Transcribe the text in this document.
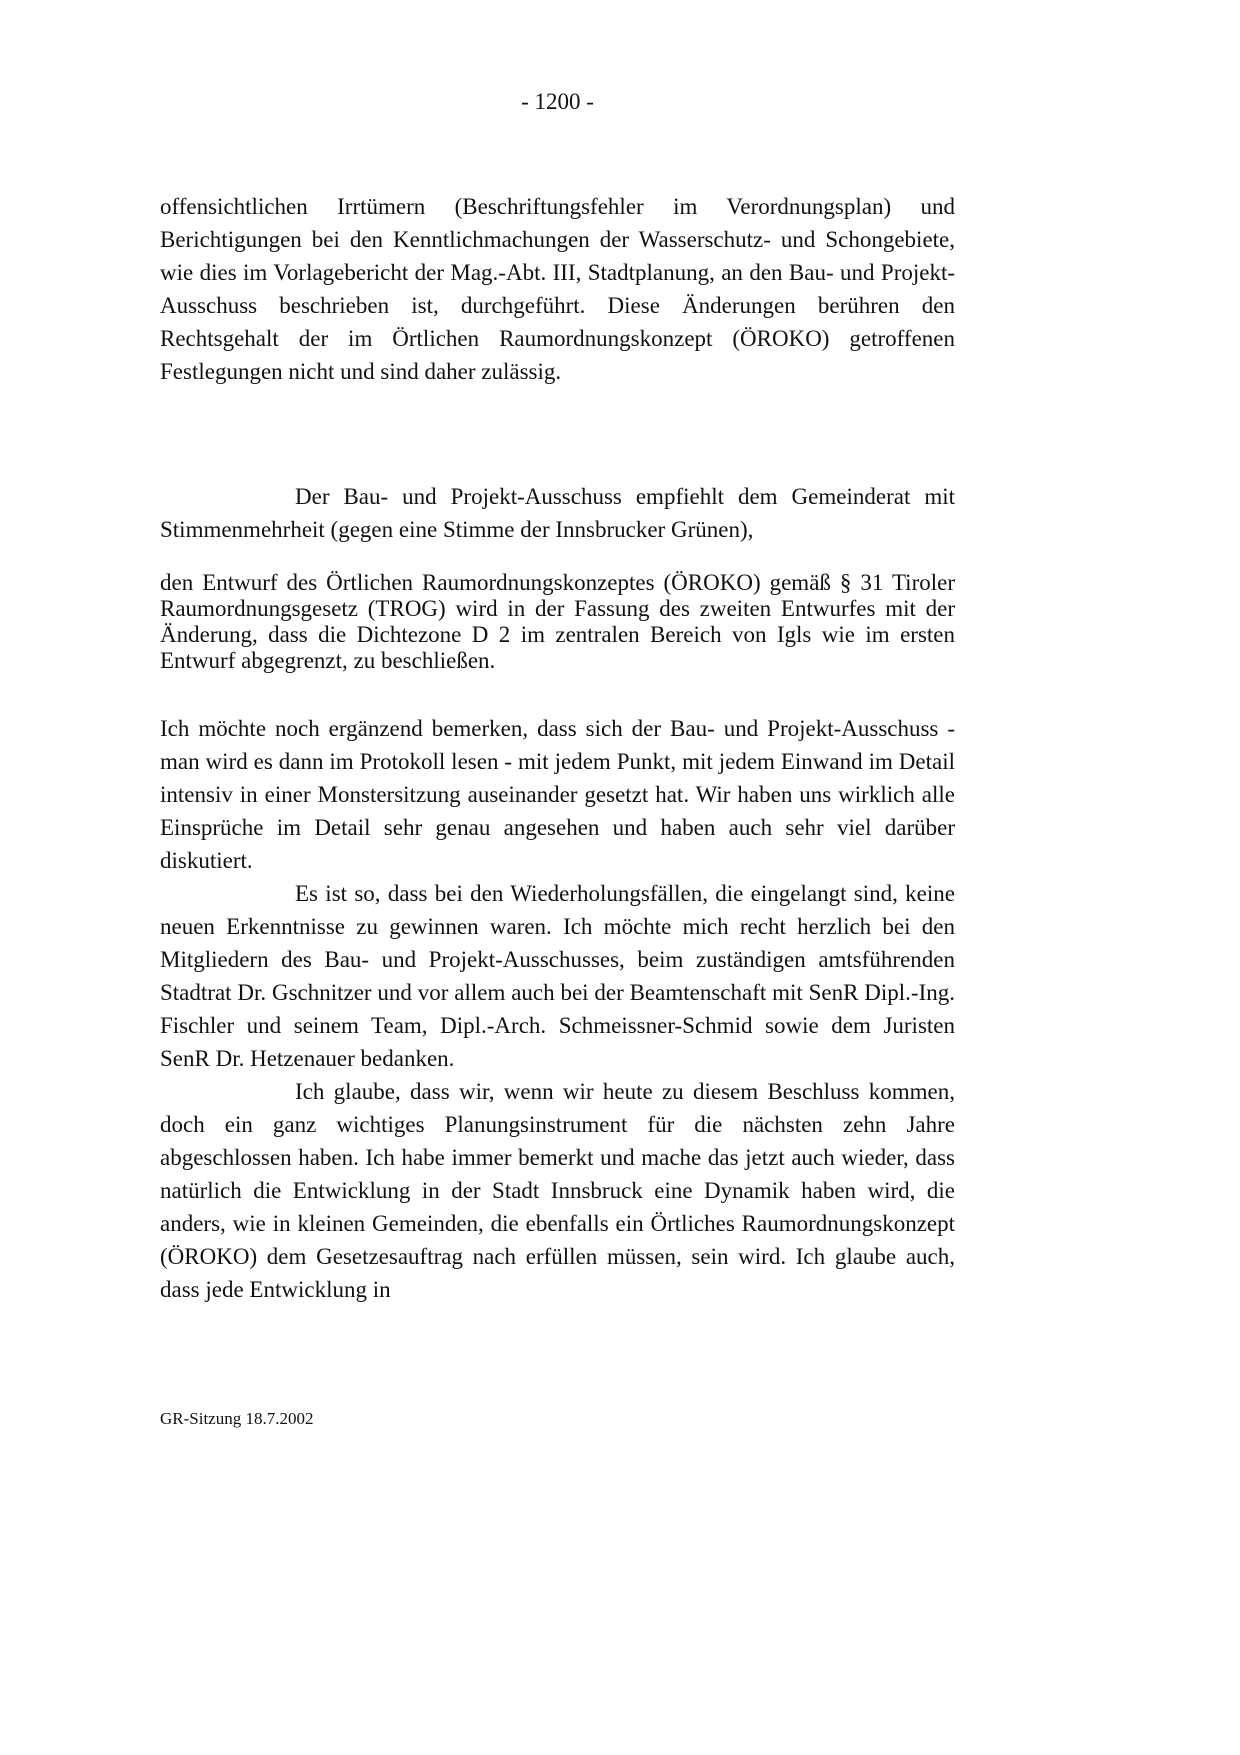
- 1200 -

offensichtlichen Irrtümern (Beschriftungsfehler im Verordnungsplan) und Berichtigungen bei den Kenntlichmachungen der Wasserschutz- und Schongebiete, wie dies im Vorlagebericht der Mag.-Abt. III, Stadtplanung, an den Bau- und Projekt-Ausschuss beschrieben ist, durchgeführt. Diese Änderungen berühren den Rechtsgehalt der im Örtlichen Raumordnungskonzept (ÖROKO) getroffenen Festlegungen nicht und sind daher zulässig.

Der Bau- und Projekt-Ausschuss empfiehlt dem Gemeinderat mit Stimmenmehrheit (gegen eine Stimme der Innsbrucker Grünen),

den Entwurf des Örtlichen Raumordnungskonzeptes (ÖROKO) gemäß § 31 Tiroler Raumordnungsgesetz (TROG) wird in der Fassung des zweiten Entwurfes mit der Änderung, dass die Dichtezone D 2 im zentralen Bereich von Igls wie im ersten Entwurf abgegrenzt, zu beschließen.

Ich möchte noch ergänzend bemerken, dass sich der Bau- und Projekt-Ausschuss - man wird es dann im Protokoll lesen - mit jedem Punkt, mit jedem Einwand im Detail intensiv in einer Monstersitzung auseinander gesetzt hat. Wir haben uns wirklich alle Einsprüche im Detail sehr genau angesehen und haben auch sehr viel darüber diskutiert.

Es ist so, dass bei den Wiederholungsfällen, die eingelangt sind, keine neuen Erkenntnisse zu gewinnen waren. Ich möchte mich recht herzlich bei den Mitgliedern des Bau- und Projekt-Ausschusses, beim zuständigen amtsführenden Stadtrat Dr. Gschnitzer und vor allem auch bei der Beamtenschaft mit SenR Dipl.-Ing. Fischler und seinem Team, Dipl.-Arch. Schmeissner-Schmid sowie dem Juristen SenR Dr. Hetzenauer bedanken.

Ich glaube, dass wir, wenn wir heute zu diesem Beschluss kommen, doch ein ganz wichtiges Planungsinstrument für die nächsten zehn Jahre abgeschlossen haben. Ich habe immer bemerkt und mache das jetzt auch wieder, dass natürlich die Entwicklung in der Stadt Innsbruck eine Dynamik haben wird, die anders, wie in kleinen Gemeinden, die ebenfalls ein Örtliches Raumordnungskonzept (ÖROKO) dem Gesetzesauftrag nach erfüllen müssen, sein wird. Ich glaube auch, dass jede Entwicklung in

GR-Sitzung 18.7.2002
